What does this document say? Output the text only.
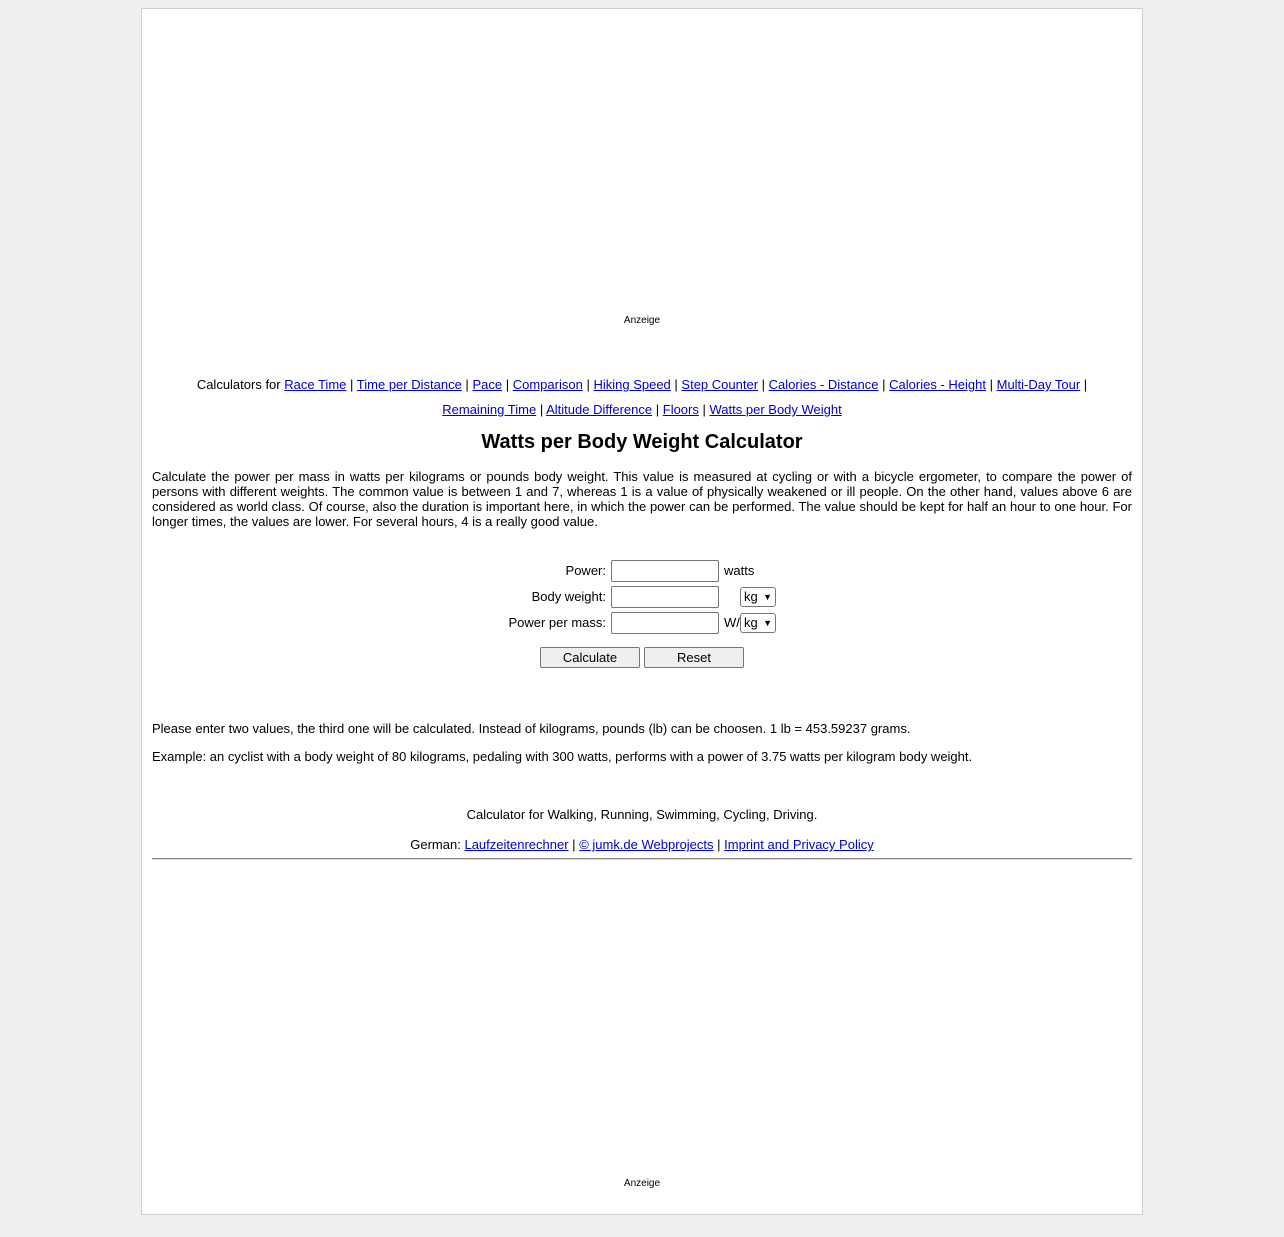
Anzeige
Calculators for Race Time | Time per Distance | Pace | Comparison | Hiking Speed | Step Counter | Calories - Distance | Calories - Height | Multi-Day Tour |
Remaining Time | Altitude Difference | Floors | Watts per Body Weight
Watts per Body Weight Calculator

Calculate the power per mass in watts per kilograms or pounds body weight. This value is measured at cycling or with a bicycle ergometer, to compare the power of persons with different weights. The common value is between 1 and 7, whereas 1 is a value of physically weakened or ill people. On the other hand, values above 6 are considered as world class. Of course, also the duration is important here, in which the power can be performed. The value should be kept for half an hour to one hour. For longer times, the values are lower. For several hours, 4 is a really good value.

Power:	watts
Body weight:	kg ▼
Power per mass:	W/ kg ▼
Calculate	Reset

Please enter two values, the third one will be calculated. Instead of kilograms, pounds (lb) can be choosen. 1 lb = 453.59237 grams.

Example: an cyclist with a body weight of 80 kilograms, pedaling with 300 watts, performs with a power of 3.75 watts per kilogram body weight.

Calculator for Walking, Running, Swimming, Cycling, Driving.

German: Laufzeitenrechner | © jumk.de Webprojects | Imprint and Privacy Policy

Anzeige
